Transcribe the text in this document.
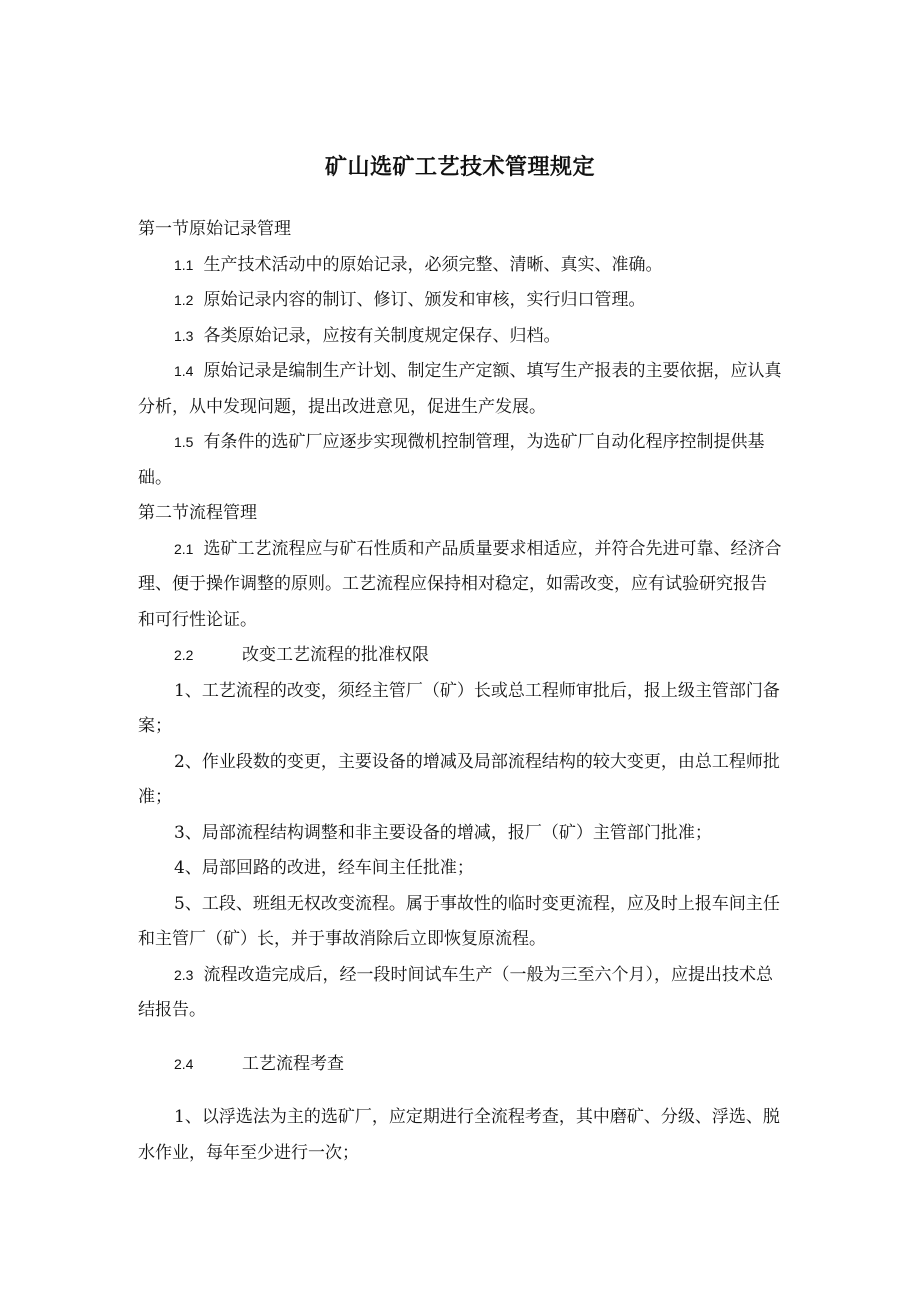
矿山选矿工艺技术管理规定

第一节原始记录管理

1.1 生产技术活动中的原始记录，必须完整、清晰、真实、准确。

1.2 原始记录内容的制订、修订、颁发和审核，实行归口管理。

1.3 各类原始记录，应按有关制度规定保存、归档。

1.4 原始记录是编制生产计划、制定生产定额、填写生产报表的主要依据，应认真分析，从中发现问题，提出改进意见，促进生产发展。

1.5 有条件的选矿厂应逐步实现微机控制管理，为选矿厂自动化程序控制提供基础。

第二节流程管理

2.1 选矿工艺流程应与矿石性质和产品质量要求相适应，并符合先进可靠、经济合理、便于操作调整的原则。工艺流程应保持相对稳定，如需改变，应有试验研究报告和可行性论证。

2.2	改变工艺流程的批准权限

1、工艺流程的改变，须经主管厂（矿）长或总工程师审批后，报上级主管部门备案；

2、作业段数的变更，主要设备的增减及局部流程结构的较大变更，由总工程师批准；

3、局部流程结构调整和非主要设备的增减，报厂（矿）主管部门批准；

4、局部回路的改进，经车间主任批准；

5、工段、班组无权改变流程。属于事故性的临时变更流程，应及时上报车间主任和主管厂（矿）长，并于事故消除后立即恢复原流程。

2.3 流程改造完成后，经一段时间试车生产（一般为三至六个月），应提出技术总结报告。

2.4	工艺流程考查

1、以浮选法为主的选矿厂，应定期进行全流程考查，其中磨矿、分级、浮选、脱水作业，每年至少进行一次；
